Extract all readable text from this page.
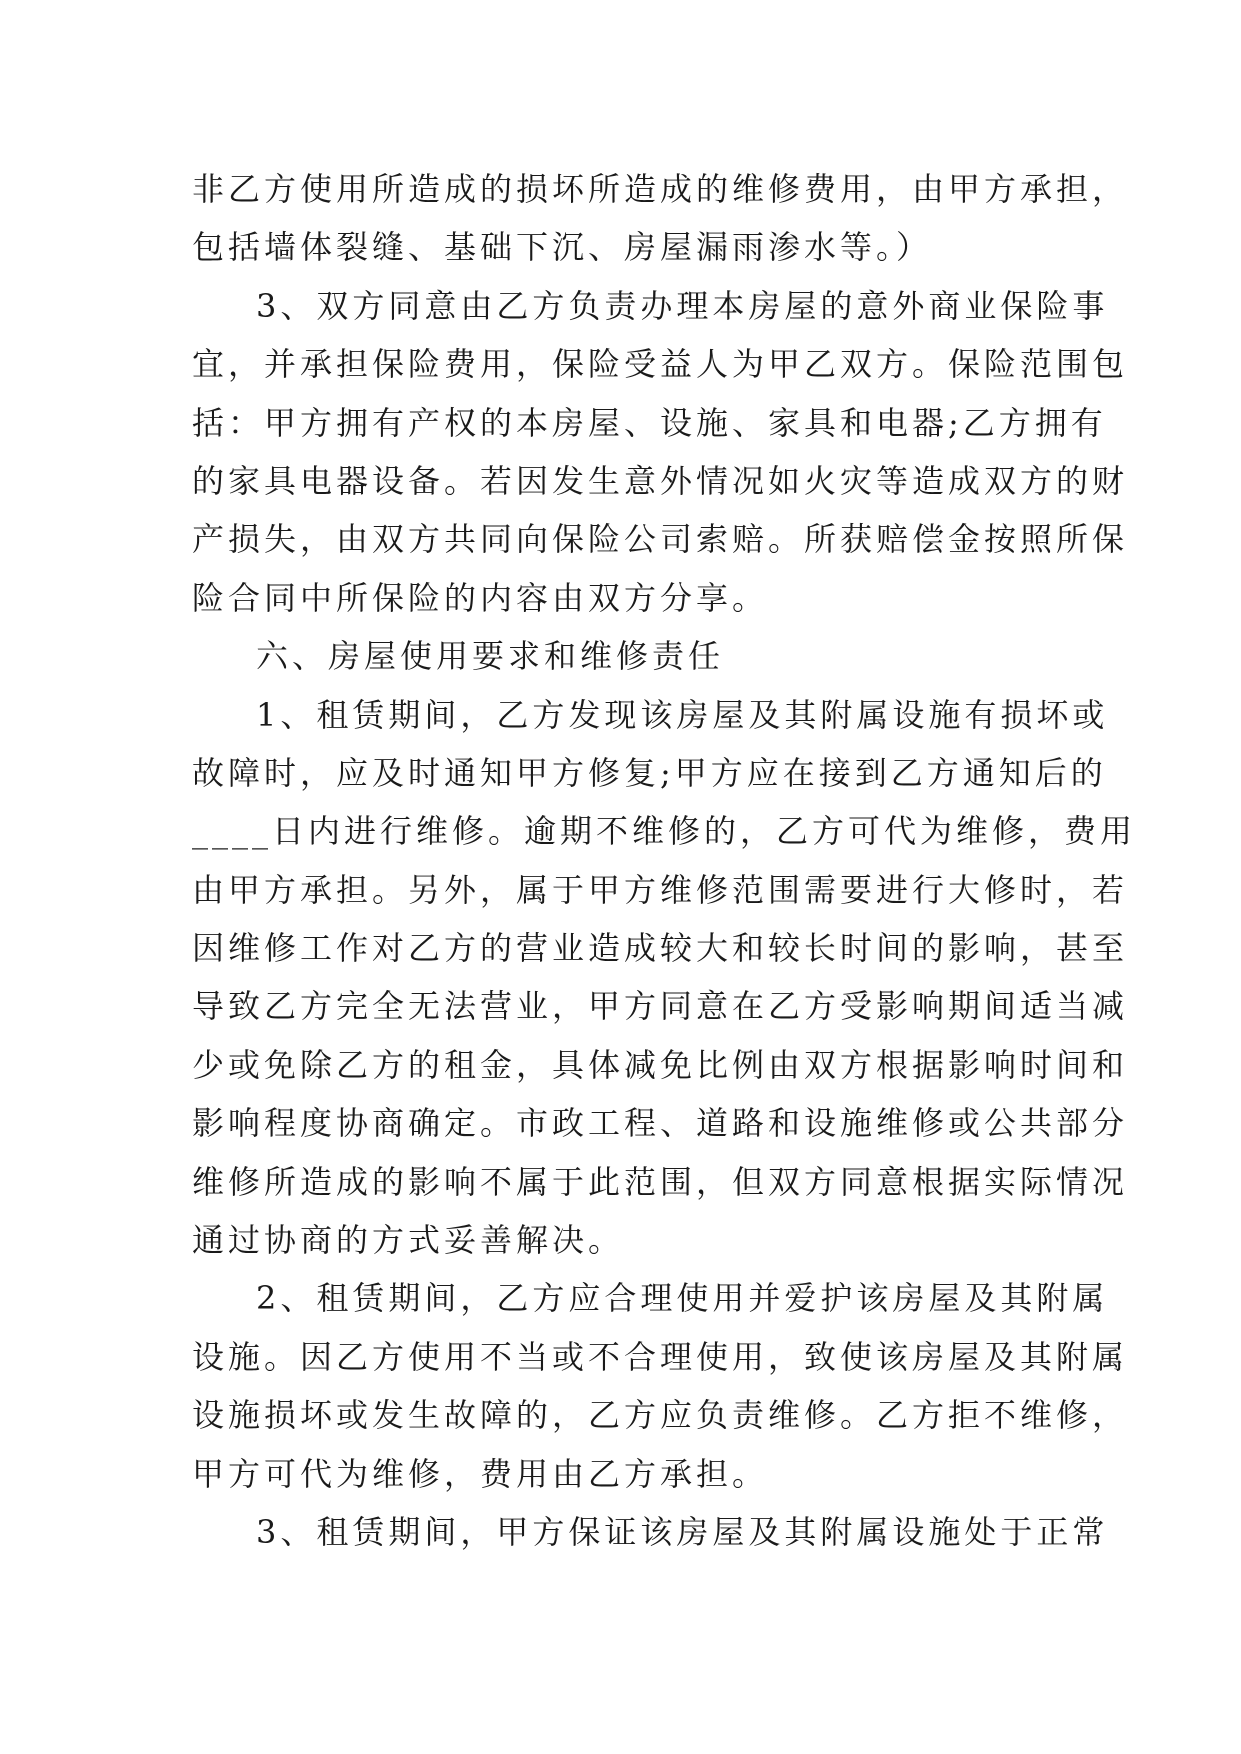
非乙方使用所造成的损坏所造成的维修费用，由甲方承担，
包括墙体裂缝、基础下沉、房屋漏雨渗水等。）
3、双方同意由乙方负责办理本房屋的意外商业保险事
宜，并承担保险费用，保险受益人为甲乙双方。保险范围包
括：甲方拥有产权的本房屋、设施、家具和电器;乙方拥有
的家具电器设备。若因发生意外情况如火灾等造成双方的财
产损失，由双方共同向保险公司索赔。所获赔偿金按照所保
险合同中所保险的内容由双方分享。
六、房屋使用要求和维修责任
1、租赁期间，乙方发现该房屋及其附属设施有损坏或
故障时，应及时通知甲方修复;甲方应在接到乙方通知后的
____日内进行维修。逾期不维修的，乙方可代为维修，费用
由甲方承担。另外，属于甲方维修范围需要进行大修时，若
因维修工作对乙方的营业造成较大和较长时间的影响，甚至
导致乙方完全无法营业，甲方同意在乙方受影响期间适当减
少或免除乙方的租金，具体减免比例由双方根据影响时间和
影响程度协商确定。市政工程、道路和设施维修或公共部分
维修所造成的影响不属于此范围，但双方同意根据实际情况
通过协商的方式妥善解决。
2、租赁期间，乙方应合理使用并爱护该房屋及其附属
设施。因乙方使用不当或不合理使用，致使该房屋及其附属
设施损坏或发生故障的，乙方应负责维修。乙方拒不维修，
甲方可代为维修，费用由乙方承担。
3、租赁期间，甲方保证该房屋及其附属设施处于正常
